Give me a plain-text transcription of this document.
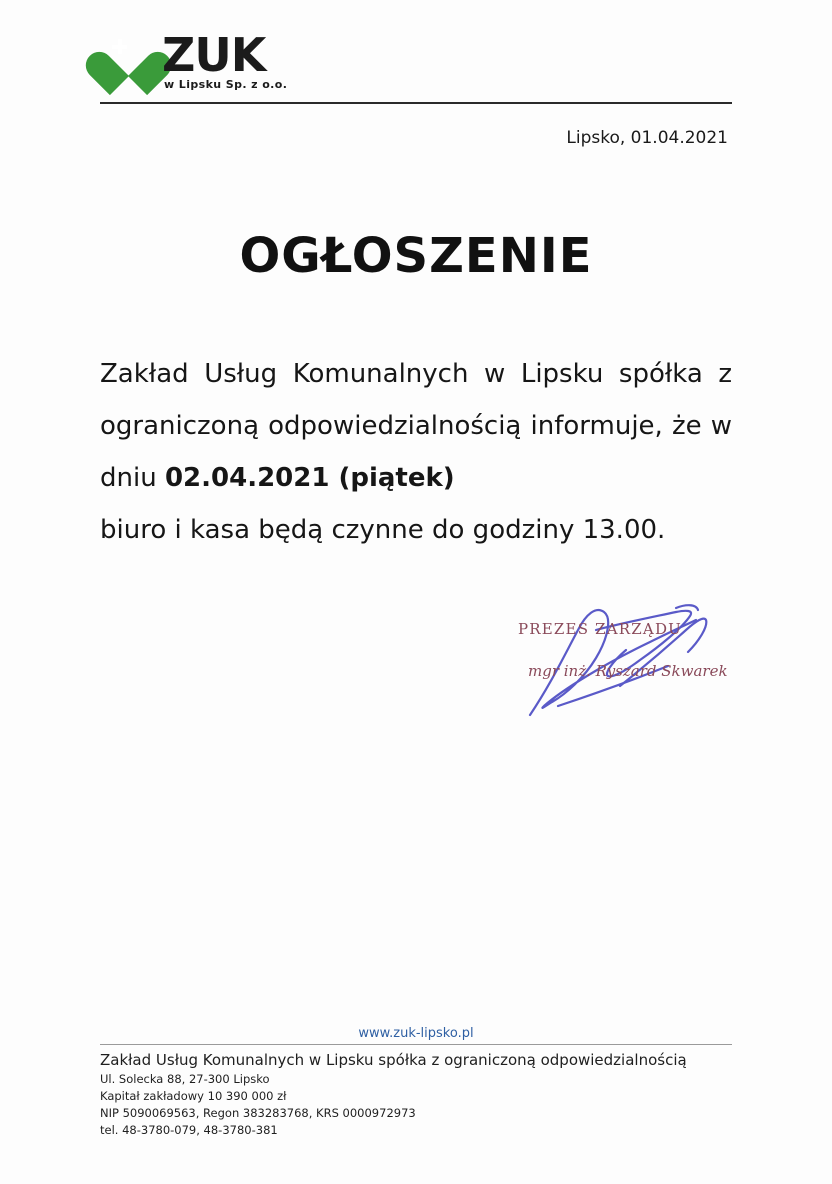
ZUK
w Lipsku Sp. z o.o.
Lipsko, 01.04.2021
OGŁOSZENIE
Zakład Usług Komunalnych w Lipsku spółka z ograniczoną odpowiedzialnością informuje, że w dniu 02.04.2021 (piątek)
biuro i kasa będą czynne do godziny 13.00.
PREZES ZARZĄDU
mgr inż. Ryszard Skwarek
www.zuk-lipsko.pl
Zakład Usług Komunalnych w Lipsku spółka z ograniczoną odpowiedzialnością
Ul. Solecka 88, 27-300 Lipsko
Kapitał zakładowy 10 390 000 zł
NIP 5090069563, Regon 383283768, KRS 0000972973
tel. 48-3780-079, 48-3780-381
